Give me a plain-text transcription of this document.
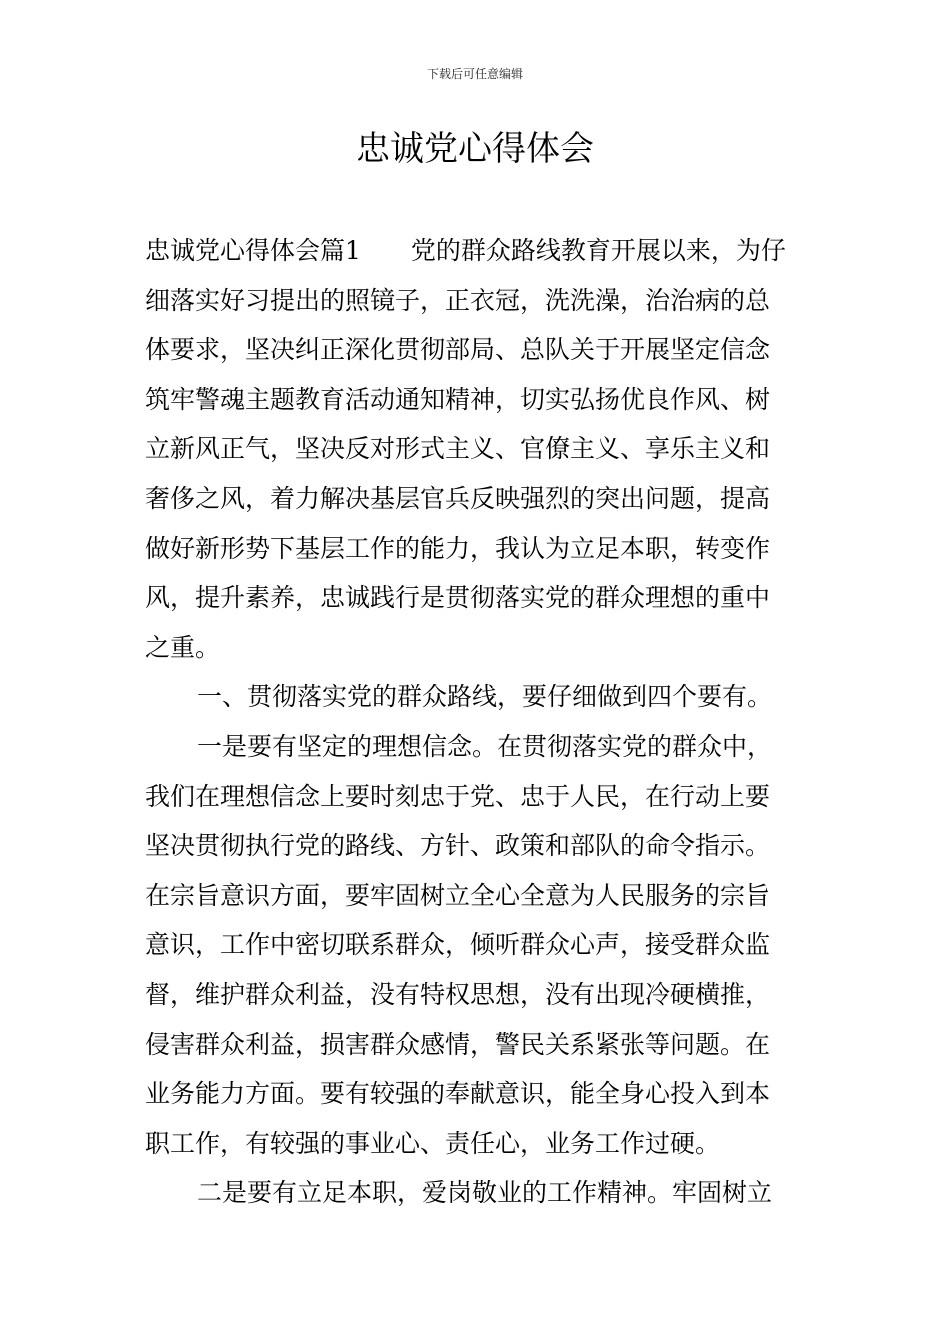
下载后可任意编辑
忠诚党心得体会
忠诚党心得体会篇1 党的群众路线教育开展以来，为仔
细落实好习提出的照镜子，正衣冠，洗洗澡，治治病的总
体要求，坚决纠正深化贯彻部局、总队关于开展坚定信念
筑牢警魂主题教育活动通知精神，切实弘扬优良作风、树
立新风正气，坚决反对形式主义、官僚主义、享乐主义和
奢侈之风，着力解决基层官兵反映强烈的突出问题，提高
做好新形势下基层工作的能力，我认为立足本职，转变作
风，提升素养，忠诚践行是贯彻落实党的群众理想的重中
之重。
一、贯彻落实党的群众路线，要仔细做到四个要有。
一是要有坚定的理想信念。在贯彻落实党的群众中，
我们在理想信念上要时刻忠于党、忠于人民，在行动上要
坚决贯彻执行党的路线、方针、政策和部队的命令指示。
在宗旨意识方面，要牢固树立全心全意为人民服务的宗旨
意识，工作中密切联系群众，倾听群众心声，接受群众监
督，维护群众利益，没有特权思想，没有出现冷硬横推，
侵害群众利益，损害群众感情，警民关系紧张等问题。在
业务能力方面。要有较强的奉献意识，能全身心投入到本
职工作，有较强的事业心、责任心，业务工作过硬。
二是要有立足本职，爱岗敬业的工作精神。牢固树立
